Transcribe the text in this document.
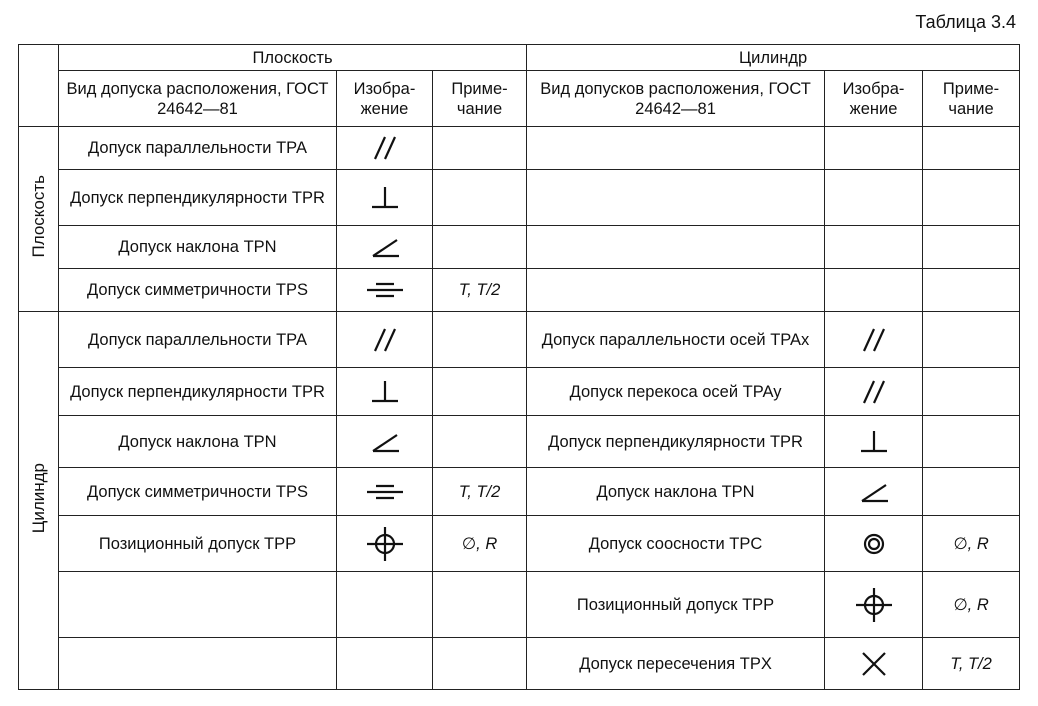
Таблица 3.4
	Плоскость			Цилиндр		
	Вид допуска расположения, ГОСТ 24642—81	Изобра- жение	Приме- чание	Вид допусков расположения, ГОСТ 24642—81	Изобра- жение	Приме- чание
Плоскость	Допуск параллельности TPA	

	Допуск перпендикулярности TPR	

	Допуск наклона TPN	

	Допуск симметричности TPS		T, T/2			
Цилиндр	Допуск параллельности TPA			Допуск параллельности осей TPAx	

	Допуск перпендикулярности TPR			Допуск перекоса осей TPAy	

	Допуск наклона TPN			Допуск перпендикулярности TPR	

	Допуск симметричности TPS		T, T/2	Допуск наклона TPN	

	Позиционный допуск TPP		∅, R	Допуск соосности TPC		∅, R
				Позиционный допуск TPP		∅, R
				Допуск пересечения TPX		T, T/2
